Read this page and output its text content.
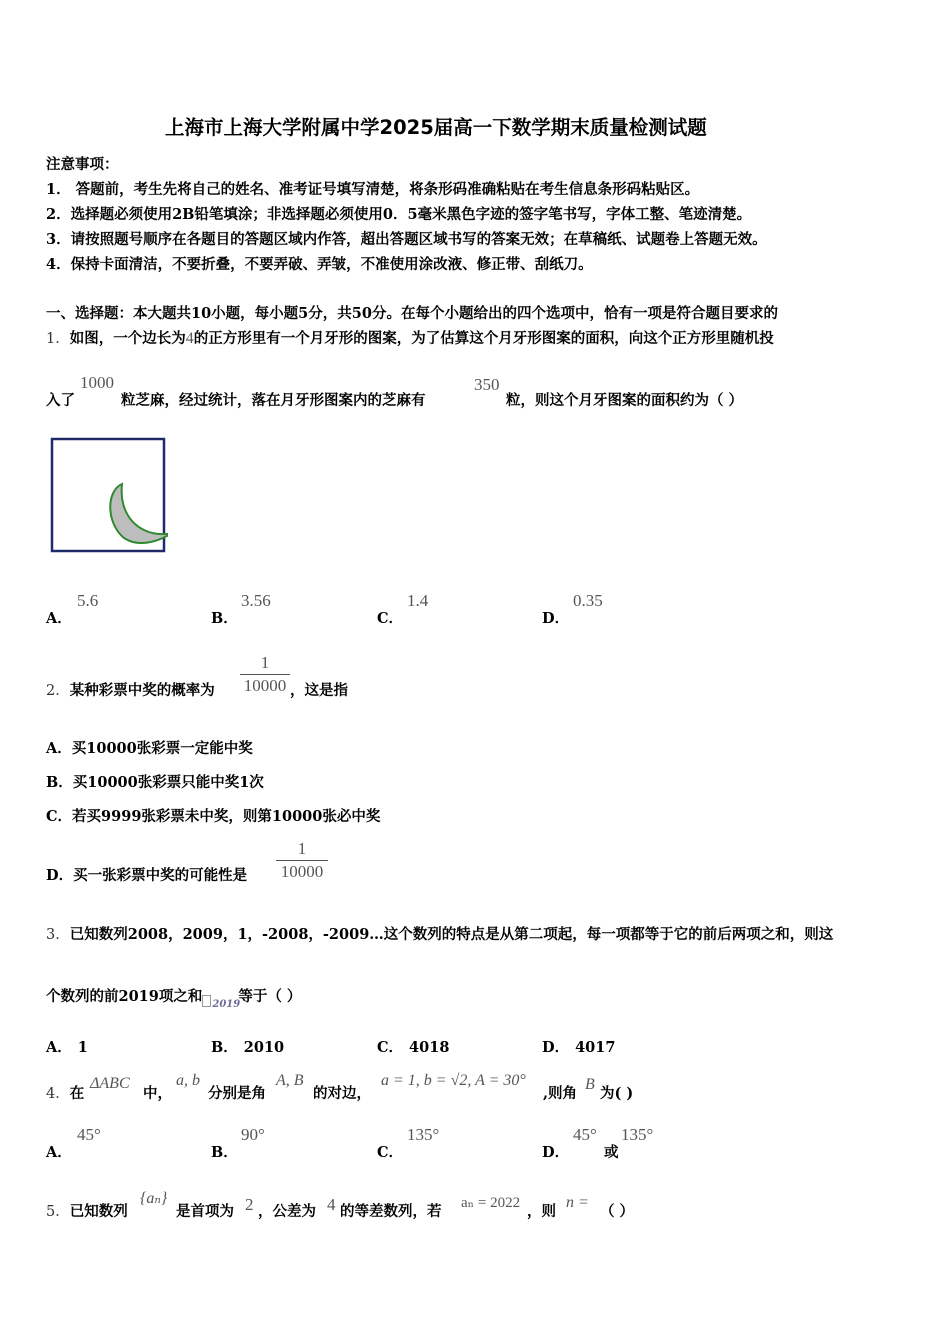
上海市上海大学附属中学2025届高一下数学期末质量检测试题
注意事项：
1． 答题前，考生先将自己的姓名、准考证号填写清楚，将条形码准确粘贴在考生信息条形码粘贴区。
2．选择题必须使用2B铅笔填涂；非选择题必须使用0．5毫米黑色字迹的签字笔书写，字体工整、笔迹清楚。
3．请按照题号顺序在各题目的答题区域内作答，超出答题区域书写的答案无效；在草稿纸、试题卷上答题无效。
4．保持卡面清洁，不要折叠，不要弄破、弄皱，不准使用涂改液、修正带、刮纸刀。
一、选择题：本大题共10小题，每小题5分，共50分。在每个小题给出的四个选项中，恰有一项是符合题目要求的
1．如图，一个边长为4的正方形里有一个月牙形的图案，为了估算这个月牙形图案的面积，向这个正方形里随机投
入了
1000
粒芝麻，经过统计，落在月牙形图案内的芝麻有
350
粒，则这个月牙图案的面积约为（ ）
A．
5.6
B．
3.56
C．
1.4
D．
0.35
2．某种彩票中奖的概率为
1
10000 ，这是指
A．买10000张彩票一定能中奖
B．买10000张彩票只能中奖1次
C．若买9999张彩票未中奖，则第10000张必中奖
D．买一张彩票中奖的可能性是
1
10000
3．已知数列2008，2009，1，-2008，-2009…这个数列的特点是从第二项起，每一项都等于它的前后两项之和，则这
个数列的前2019项之和 2019
等于（ ）
A． 1	B． 2010	C． 4018	D． 4017
4．在
ΔABC
中，
a, b
分别是角
A, B
的对边，
a = 1, b = √2, A = 30°
,则角
B
为( )
A．
45°
B．
90°
C．
135°
D．
45°
或
135°
5．已知数列
{aₙ}
是首项为 2 ，公差为 4 的等差数列，若 aₙ = 2022 ，则
n =
（ ）
